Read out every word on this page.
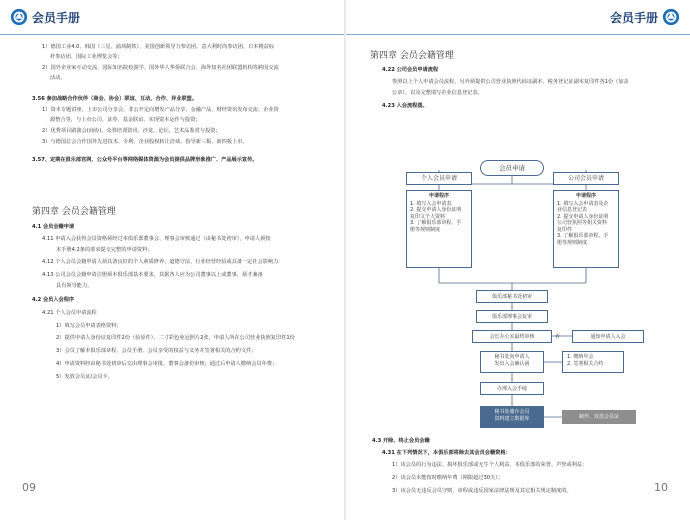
会员手册
1）德国工业4.0、韩国（三星、浦项制铁）、美国创新领导力参访团、意大利时尚参访团、日本精益标
杆参访团、国际工业博览会等；
2）国外企业家互动交流、国际知名院校游学、国外华人华侨联合会、海外知名社团联盟机构等跨国交流
活动。
3.56 参加战略合作伙伴（商会、协会）联谊、互动、合作、异业联盟。
1）资本专题讲座、上市公司分享会、非公开定向增发产品分享、金融产品、财经资讯发布交流、企业资
源整合等，与上市公司、证券、基金联谊、实现资本运作与投资；
2）优秀项目路演会(商协)、众筹培训资讯、沙龙、论坛、艺术品鉴赏与投资；
3）与德国总会合作国外先进技术、专利、企业股权转让洽谈、指导新三板、新四板上市。
3.57、定期在俱乐部官网、公众号平台等网络媒体资源为会员提供品牌形象推广、产品展示宣传。
第四章 会员会籍管理
4.1 会员会籍申请
4.11 申请入会获得会员资格须经过本俱乐部董事会、理事会审核通过（由秘书处初审），申请人须按
本手册4.2条的要求提交完整的申请资料；
4.12 个人会员会籍申请人须具备良好的个人素质修养、道德守法、行业经营经验或具备一定社会影响力
4.13 公司会员会籍申请注册须本俱乐部基本要求，其据各人应为公司董事以上或董事，须才兼备
具有领导能力。
4.2 会员入会程序
4.21 个人会员申请流程
1）填写会员申请表格资料；
2）提供申请人身份证复印件2份（验原件）、二寸彩色免冠照片2张，申请人所在公司营业执照复印件1份
3）会员了解本俱乐部章程、会员手册、会员享受的权益与义务并签署相关的合约文件；
4）申请资料经由秘书处初审后交由理事会审批，董事会备份审核；通过后申请人缴纳会员年费；
5）发放会员证/会员卡。
09
会员手册
第四章 会员会籍管理
4.22 公司会员申请流程
参照以上个人申请会员流程，另外须提供公司营业执照代码证副本、税务登记证副本复印件各1份（加盖
公章），以及完整填写企业信息登记表。
4.23 入会流程图。
会员申请
个人会员申请	公司会员申请
申请程序
1. 填写入会申请表
2. 提交申请人身份证明
复印文个人资料
3. 了解俱乐部章程、手
册等规则制度
申请程序
1. 填写入会申请表及企
业信息登记表
2. 提交申请人身份证明
公司营执照等相关资料
复印件
3. 了解俱乐部章程、手
册等规则制度
俱乐部秘书处初审
俱乐部理事会复审
会长办公室最终审核	否	通知申请人入会
秘书处向申请人
发出入会确认函
1. 缴纳年会
2. 签署相关合约
办理入会手续
秘书处储存会员
资料建立数据库	制作、发放会员证
4.3 开除、终止会员会籍
4.31 在下列情况下，本俱乐部将除去其会员会籍资格：
1）该会员的行为违法、损坏俱乐部或无生个人利益、本俱乐部的荣誉、声誉或利益：
2）该会员未能按时缴纳年费（期限超过30天）；
3）该会员无违反会员守则，章程或违反国家法律法规及其它相关规定制度的。	10
